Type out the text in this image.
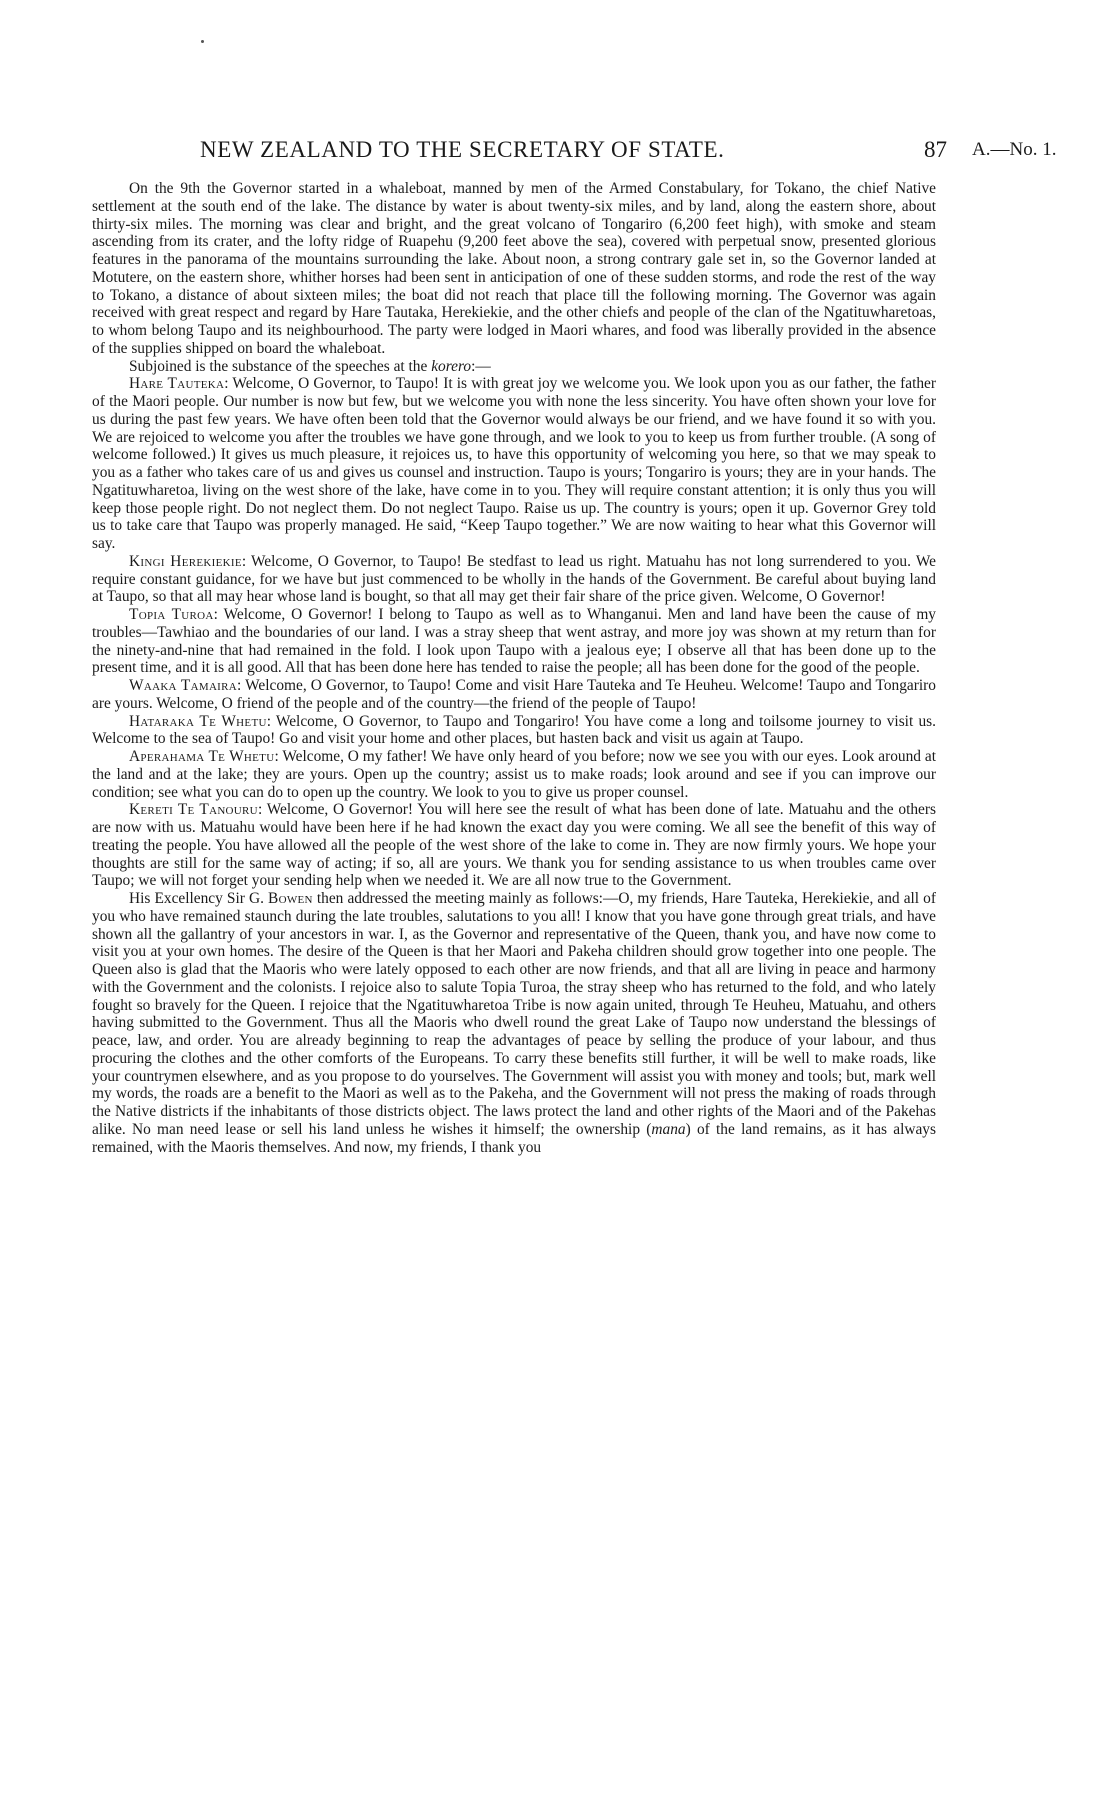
NEW ZEALAND TO THE SECRETARY OF STATE.	87 A.—No. 1.

On the 9th the Governor started in a whaleboat, manned by men of the Armed Constabulary, for Tokano, the chief Native settlement at the south end of the lake. The distance by water is about twenty-six miles, and by land, along the eastern shore, about thirty-six miles. The morning was clear and bright, and the great volcano of Tongariro (6,200 feet high), with smoke and steam ascending from its crater, and the lofty ridge of Ruapehu (9,200 feet above the sea), covered with perpetual snow, presented glorious features in the panorama of the mountains surrounding the lake. About noon, a strong contrary gale set in, so the Governor landed at Motutere, on the eastern shore, whither horses had been sent in anticipation of one of these sudden storms, and rode the rest of the way to Tokano, a distance of about sixteen miles; the boat did not reach that place till the following morning. The Governor was again received with great respect and regard by Hare Tautaka, Herekiekie, and the other chiefs and people of the clan of the Ngatituwharetoas, to whom belong Taupo and its neighbourhood. The party were lodged in Maori whares, and food was liberally provided in the absence of the supplies shipped on board the whaleboat.

Subjoined is the substance of the speeches at the korero:—

Hare Tauteka: Welcome, O Governor, to Taupo! It is with great joy we welcome you. We look upon you as our father, the father of the Maori people. Our number is now but few, but we welcome you with none the less sincerity. You have often shown your love for us during the past few years. We have often been told that the Governor would always be our friend, and we have found it so with you. We are rejoiced to welcome you after the troubles we have gone through, and we look to you to keep us from further trouble. (A song of welcome followed.) It gives us much pleasure, it rejoices us, to have this opportunity of welcoming you here, so that we may speak to you as a father who takes care of us and gives us counsel and instruction. Taupo is yours; Tongariro is yours; they are in your hands. The Ngatituwharetoa, living on the west shore of the lake, have come in to you. They will require constant attention; it is only thus you will keep those people right. Do not neglect them. Do not neglect Taupo. Raise us up. The country is yours; open it up. Governor Grey told us to take care that Taupo was properly managed. He said, “Keep Taupo together.” We are now waiting to hear what this Governor will say.

Kingi Herekiekie: Welcome, O Governor, to Taupo! Be stedfast to lead us right. Matuahu has not long surrendered to you. We require constant guidance, for we have but just commenced to be wholly in the hands of the Government. Be careful about buying land at Taupo, so that all may hear whose land is bought, so that all may get their fair share of the price given. Welcome, O Governor!

Topia Turoa: Welcome, O Governor! I belong to Taupo as well as to Whanganui. Men and land have been the cause of my troubles—Tawhiao and the boundaries of our land. I was a stray sheep that went astray, and more joy was shown at my return than for the ninety-and-nine that had remained in the fold. I look upon Taupo with a jealous eye; I observe all that has been done up to the present time, and it is all good. All that has been done here has tended to raise the people; all has been done for the good of the people.

Waaka Tamaira: Welcome, O Governor, to Taupo! Come and visit Hare Tauteka and Te Heuheu. Welcome! Taupo and Tongariro are yours. Welcome, O friend of the people and of the country—the friend of the people of Taupo!

Hataraka Te Whetu: Welcome, O Governor, to Taupo and Tongariro! You have come a long and toilsome journey to visit us. Welcome to the sea of Taupo! Go and visit your home and other places, but hasten back and visit us again at Taupo.

Aperahama Te Whetu: Welcome, O my father! We have only heard of you before; now we see you with our eyes. Look around at the land and at the lake; they are yours. Open up the country; assist us to make roads; look around and see if you can improve our condition; see what you can do to open up the country. We look to you to give us proper counsel.

Kereti Te Tanouru: Welcome, O Governor! You will here see the result of what has been done of late. Matuahu and the others are now with us. Matuahu would have been here if he had known the exact day you were coming. We all see the benefit of this way of treating the people. You have allowed all the people of the west shore of the lake to come in. They are now firmly yours. We hope your thoughts are still for the same way of acting; if so, all are yours. We thank you for sending assistance to us when troubles came over Taupo; we will not forget your sending help when we needed it. We are all now true to the Government.

His Excellency Sir G. Bowen then addressed the meeting mainly as follows:—O, my friends, Hare Tauteka, Herekiekie, and all of you who have remained staunch during the late troubles, salutations to you all! I know that you have gone through great trials, and have shown all the gallantry of your ancestors in war. I, as the Governor and representative of the Queen, thank you, and have now come to visit you at your own homes. The desire of the Queen is that her Maori and Pakeha children should grow together into one people. The Queen also is glad that the Maoris who were lately opposed to each other are now friends, and that all are living in peace and harmony with the Government and the colonists. I rejoice also to salute Topia Turoa, the stray sheep who has returned to the fold, and who lately fought so bravely for the Queen. I rejoice that the Ngatituwharetoa Tribe is now again united, through Te Heuheu, Matuahu, and others having submitted to the Government. Thus all the Maoris who dwell round the great Lake of Taupo now understand the blessings of peace, law, and order. You are already beginning to reap the advantages of peace by selling the produce of your labour, and thus procuring the clothes and the other comforts of the Europeans. To carry these benefits still further, it will be well to make roads, like your countrymen elsewhere, and as you propose to do yourselves. The Government will assist you with money and tools; but, mark well my words, the roads are a benefit to the Maori as well as to the Pakeha, and the Government will not press the making of roads through the Native districts if the inhabitants of those districts object. The laws protect the land and other rights of the Maori and of the Pakehas alike. No man need lease or sell his land unless he wishes it himself; the ownership (mana) of the land remains, as it has always remained, with the Maoris themselves. And now, my friends, I thank you
